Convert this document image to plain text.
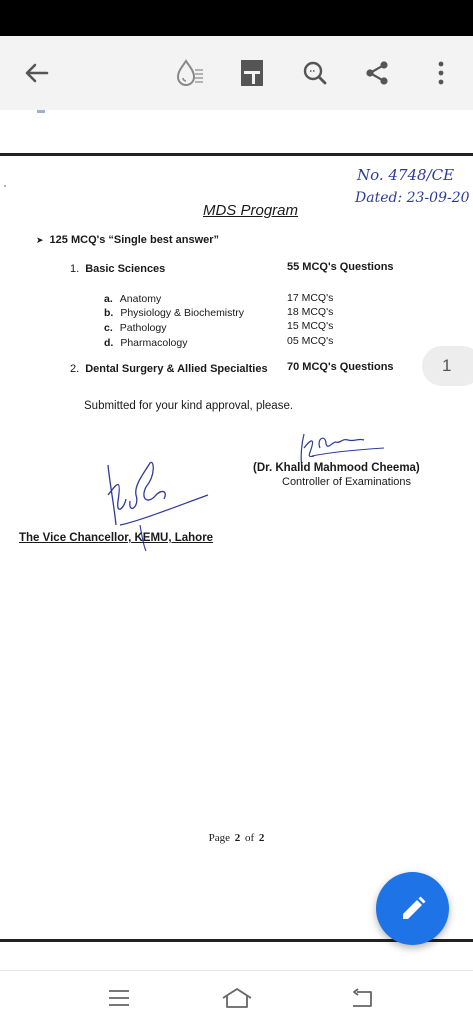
No. 4748/CE
Dated: 23-09-20
MDS Program
➤ 125 MCQ's “Single best answer”
1. Basic Sciences	55 MCQ's Questions
a. Anatomy	17 MCQ's
b. Physiology & Biochemistry	18 MCQ's
c. Pathology	15 MCQ's
d. Pharmacology	05 MCQ's
2. Dental Surgery & Allied Specialties 70 MCQ's Questions
Submitted for your kind approval, please.
(Dr. Khalid Mahmood Cheema)
Controller of Examinations
The Vice Chancellor, KEMU, Lahore
Page 2 of 2
1
